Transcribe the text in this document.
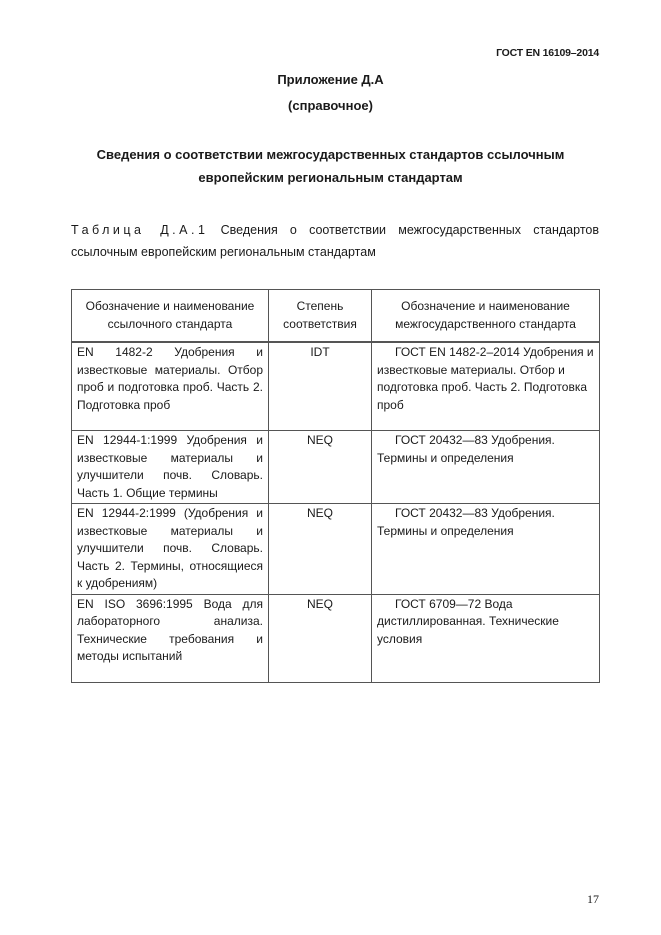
ГОСТ EN 16109–2014
Приложение Д.А
(справочное)
Сведения о соответствии межгосударственных стандартов ссылочным европейским региональным стандартам
Таблица Д.А.1 Сведения о соответствии межгосударственных стандартов ссылочным европейским региональным стандартам
Обозначение и наименование ссылочного стандарта	Степень соответствия	Обозначение и наименование межгосударственного стандарта
EN 1482-2 Удобрения и известковые материалы. Отбор проб и подготовка проб. Часть 2. Подготовка проб	IDT	ГОСТ EN 1482-2–2014 Удобрения и известковые материалы. Отбор и подготовка проб. Часть 2. Подготовка проб
EN 12944-1:1999 Удобрения и известковые материалы и улучшители почв. Словарь. Часть 1. Общие термины	NEQ	ГОСТ 20432—83 Удобрения. Термины и определения
EN 12944-2:1999 (Удобрения и известковые материалы и улучшители почв. Словарь. Часть 2. Термины, относящиеся к удобрениям)	NEQ	ГОСТ 20432—83 Удобрения. Термины и определения
EN ISO 3696:1995 Вода для лабораторного анализа. Технические требования и методы испытаний	NEQ	ГОСТ 6709—72 Вода дистиллированная. Технические условия
17
